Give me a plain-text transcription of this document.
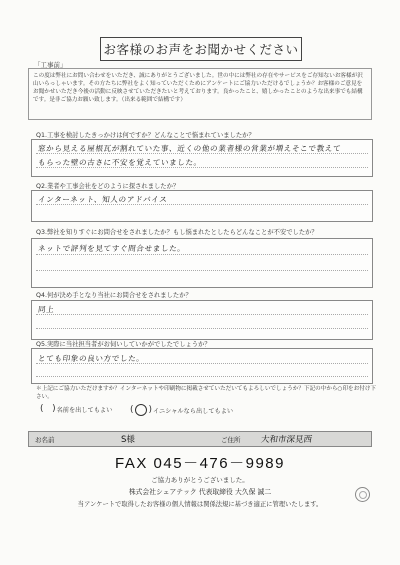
お客様のお声をお聞かせください
「工事前」
この度は弊社にお問い合わせをいただき、誠にありがとうございました。世の中には弊社の存在やサービスをご存知ないお客様が沢山いらっしゃいます。その方たちに弊社をよく知っていただくためにアンケートにご協力いただけるでしょうか？お客様のご意見をお聞かせいただき今後の活動に反映させていただきたいと考えております。良かったこと、嬉しかったことのような出来事でも結構です。是非ご協力お願い致します。（出来る範囲で結構です）
Q1.工事を検討したきっかけは何ですか？どんなことで悩まれていましたか？
窓から見える屋根瓦が割れていた事、近くの他の業者様の営業が増えそこで教えて
もらった壁の古さに不安を覚えていました。
Q2.業者や工事会社をどのように探されましたか？
インターネット、知人のアドバイス
Q3.弊社を知りすぐにお問合せをされましたか？もし悩まれたとしたらどんなことが不安でしたか？
ネットで評判を見てすぐ問合せました。
Q4.何が決め手となり当社にお問合せをされましたか？
同上
Q5.実際に当社担当者がお伺いしていかがでしたでしょうか？
とても印象の良い方でした。
＊上記にご協力いただけますか？インターネットや印刷物に掲載させていただいてもよろしいでしょうか？下記の中から○印をお付け下さい。
(   ) 名前を出してもよい ( ) イニシャルなら出してもよい
お名前	S様	ご住所 大和市深見西
FAX 045－476－9989
ご協力ありがとうございました。
株式会社シェアテック 代表取締役 大久保 誠二
当アンケートで取得したお客様の個人情報は関係法規に基づき適正に管理いたします。
